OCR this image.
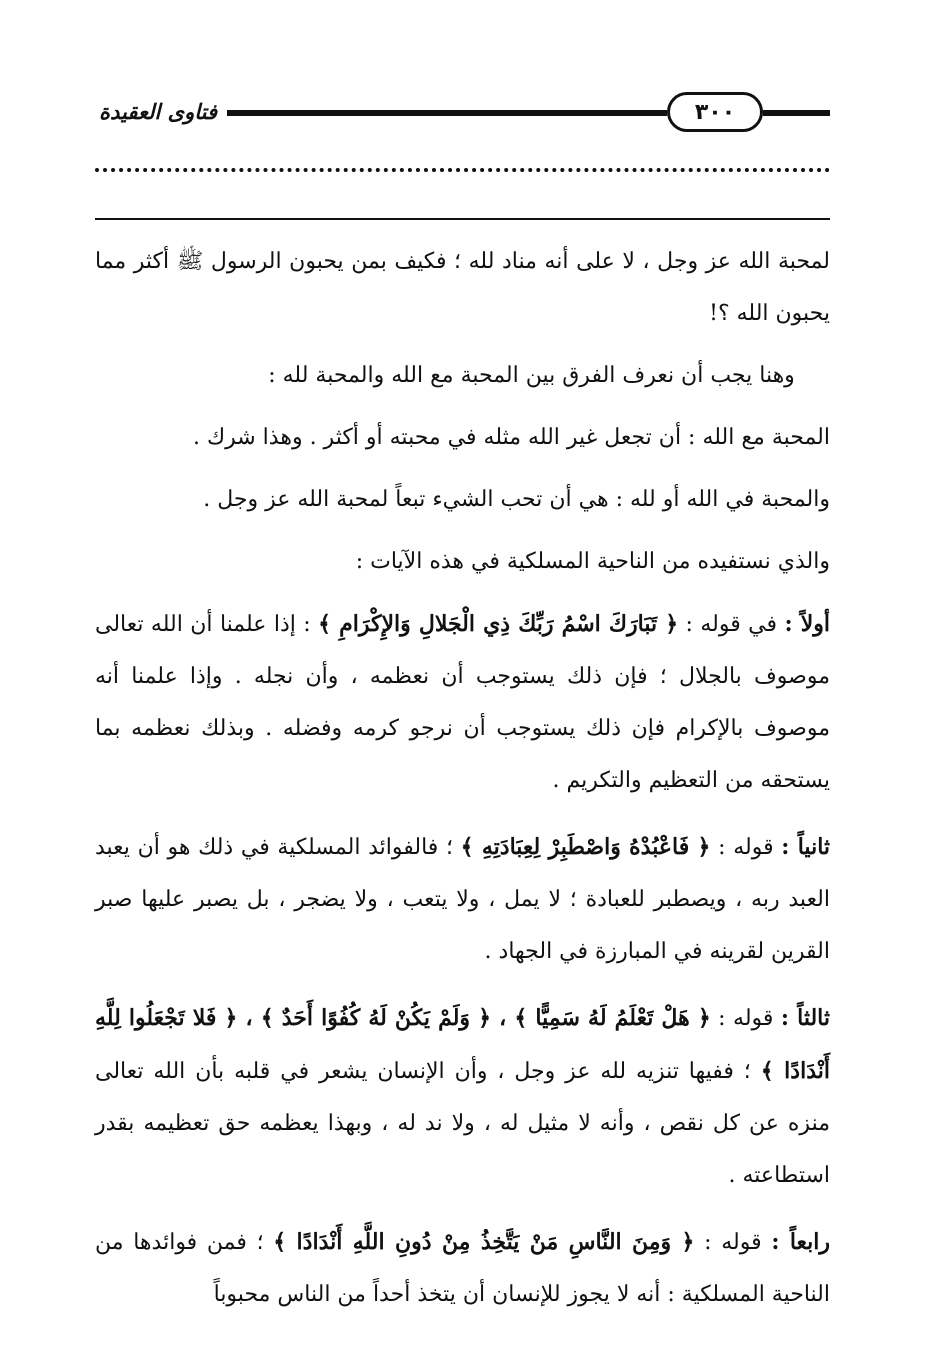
فتاوى العقيدة	٣٠٠

لمحبة الله عز وجل ، لا على أنه مناد لله ؛ فكيف بمن يحبون الرسول ﷺ أكثر مما يحبون الله ؟!

وهنا يجب أن نعرف الفرق بين المحبة مع الله والمحبة لله :

المحبة مع الله : أن تجعل غير الله مثله في محبته أو أكثر . وهذا شرك .

والمحبة في الله أو لله : هي أن تحب الشيء تبعاً لمحبة الله عز وجل .

والذي نستفيده من الناحية المسلكية في هذه الآيات :

أولاً : في قوله : ﴿ تَبَارَكَ اسْمُ رَبِّكَ ذِي الْجَلالِ وَالإِكْرَامِ ﴾ : إذا علمنا أن الله تعالى موصوف بالجلال ؛ فإن ذلك يستوجب أن نعظمه ، وأن نجله . وإذا علمنا أنه موصوف بالإكرام فإن ذلك يستوجب أن نرجو كرمه وفضله . وبذلك نعظمه بما يستحقه من التعظيم والتكريم .

ثانياً : قوله : ﴿ فَاعْبُدْهُ وَاصْطَبِرْ لِعِبَادَتِهِ ﴾ ؛ فالفوائد المسلكية في ذلك هو أن يعبد العبد ربه ، ويصطبر للعبادة ؛ لا يمل ، ولا يتعب ، ولا يضجر ، بل يصبر عليها صبر القرين لقرينه في المبارزة في الجهاد .

ثالثاً : قوله : ﴿ هَلْ تَعْلَمُ لَهُ سَمِيًّا ﴾ ، ﴿ وَلَمْ يَكُنْ لَهُ كُفُوًا أَحَدٌ ﴾ ، ﴿ فَلا تَجْعَلُوا لِلَّهِ أَنْدَادًا ﴾ ؛ ففيها تنزيه لله عز وجل ، وأن الإنسان يشعر في قلبه بأن الله تعالى منزه عن كل نقص ، وأنه لا مثيل له ، ولا ند له ، وبهذا يعظمه حق تعظيمه بقدر استطاعته .

رابعاً : قوله : ﴿ وَمِنَ النَّاسِ مَنْ يَتَّخِذُ مِنْ دُونِ اللَّهِ أَنْدَادًا ﴾ ؛ فمن فوائدها من الناحية المسلكية : أنه لا يجوز للإنسان أن يتخذ أحداً من الناس محبوباً
